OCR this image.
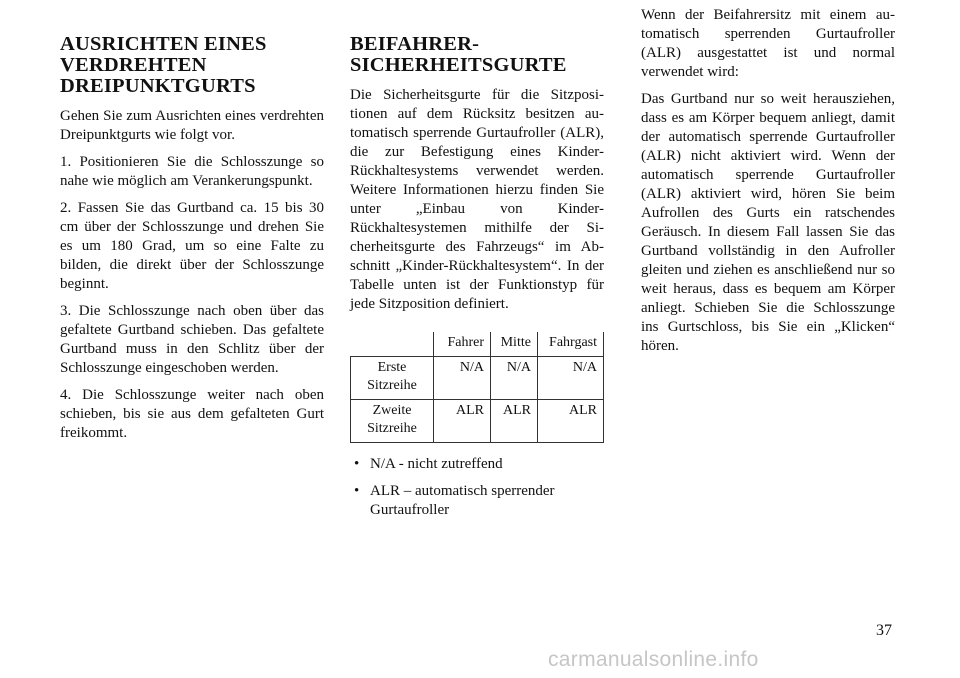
AUSRICHTEN EINES
VERDREHTEN
DREIPUNKTGURTS

Gehen Sie zum Ausrichten eines verdrehten Dreipunktgurts wie folgt vor.

1. Positionieren Sie die Schlosszunge so nahe wie möglich am Verankerungspunkt.

2. Fassen Sie das Gurtband ca. 15 bis 30 cm über der Schlosszunge und drehen Sie es um 180 Grad, um so eine Falte zu bilden, die direkt über der Schlosszunge beginnt.

3. Die Schlosszunge nach oben über das gefaltete Gurtband schieben. Das gefaltete Gurtband muss in den Schlitz über der Schlosszunge eingeschoben werden.

4. Die Schlosszunge weiter nach oben schieben, bis sie aus dem gefalteten Gurt freikommt.

BEIFAHRER-
SICHERHEITSGURTE

Die Sicherheitsgurte für die Sitzpositionen auf dem Rücksitz besitzen automatisch sperrende Gurtaufroller (ALR), die zur Befestigung eines Kinder-Rückhaltesystems verwendet werden. Weitere Informationen hierzu finden Sie unter „Einbau von Kinder-Rückhaltesystemen mithilfe der Sicherheitsgurte des Fahrzeugs“ im Abschnitt „Kinder-Rückhaltesystem“. In der Tabelle unten ist der Funktionstyp für jede Sitzposition definiert.

	Fahrer	Mitte	Fahrgast
Erste Sitzreihe	N/A	N/A	N/A
Zweite Sitzreihe	ALR	ALR	ALR
• N/A - nicht zutreffend
• ALR – automatisch sperrender Gurtaufroller

Wenn der Beifahrersitz mit einem automatisch sperrenden Gurtaufroller (ALR) ausgestattet ist und normal verwendet wird:

Das Gurtband nur so weit herausziehen, dass es am Körper bequem anliegt, damit der automatisch sperrende Gurtaufroller (ALR) nicht aktiviert wird. Wenn der automatisch sperrende Gurtaufroller (ALR) aktiviert wird, hören Sie beim Aufrollen des Gurts ein ratschendes Geräusch. In diesem Fall lassen Sie das Gurtband vollständig in den Aufroller gleiten und ziehen es anschließend nur so weit heraus, dass es bequem am Körper anliegt. Schieben Sie die Schlosszunge ins Gurtschloss, bis Sie ein „Klicken“ hören.

37
carmanualsonline.info
